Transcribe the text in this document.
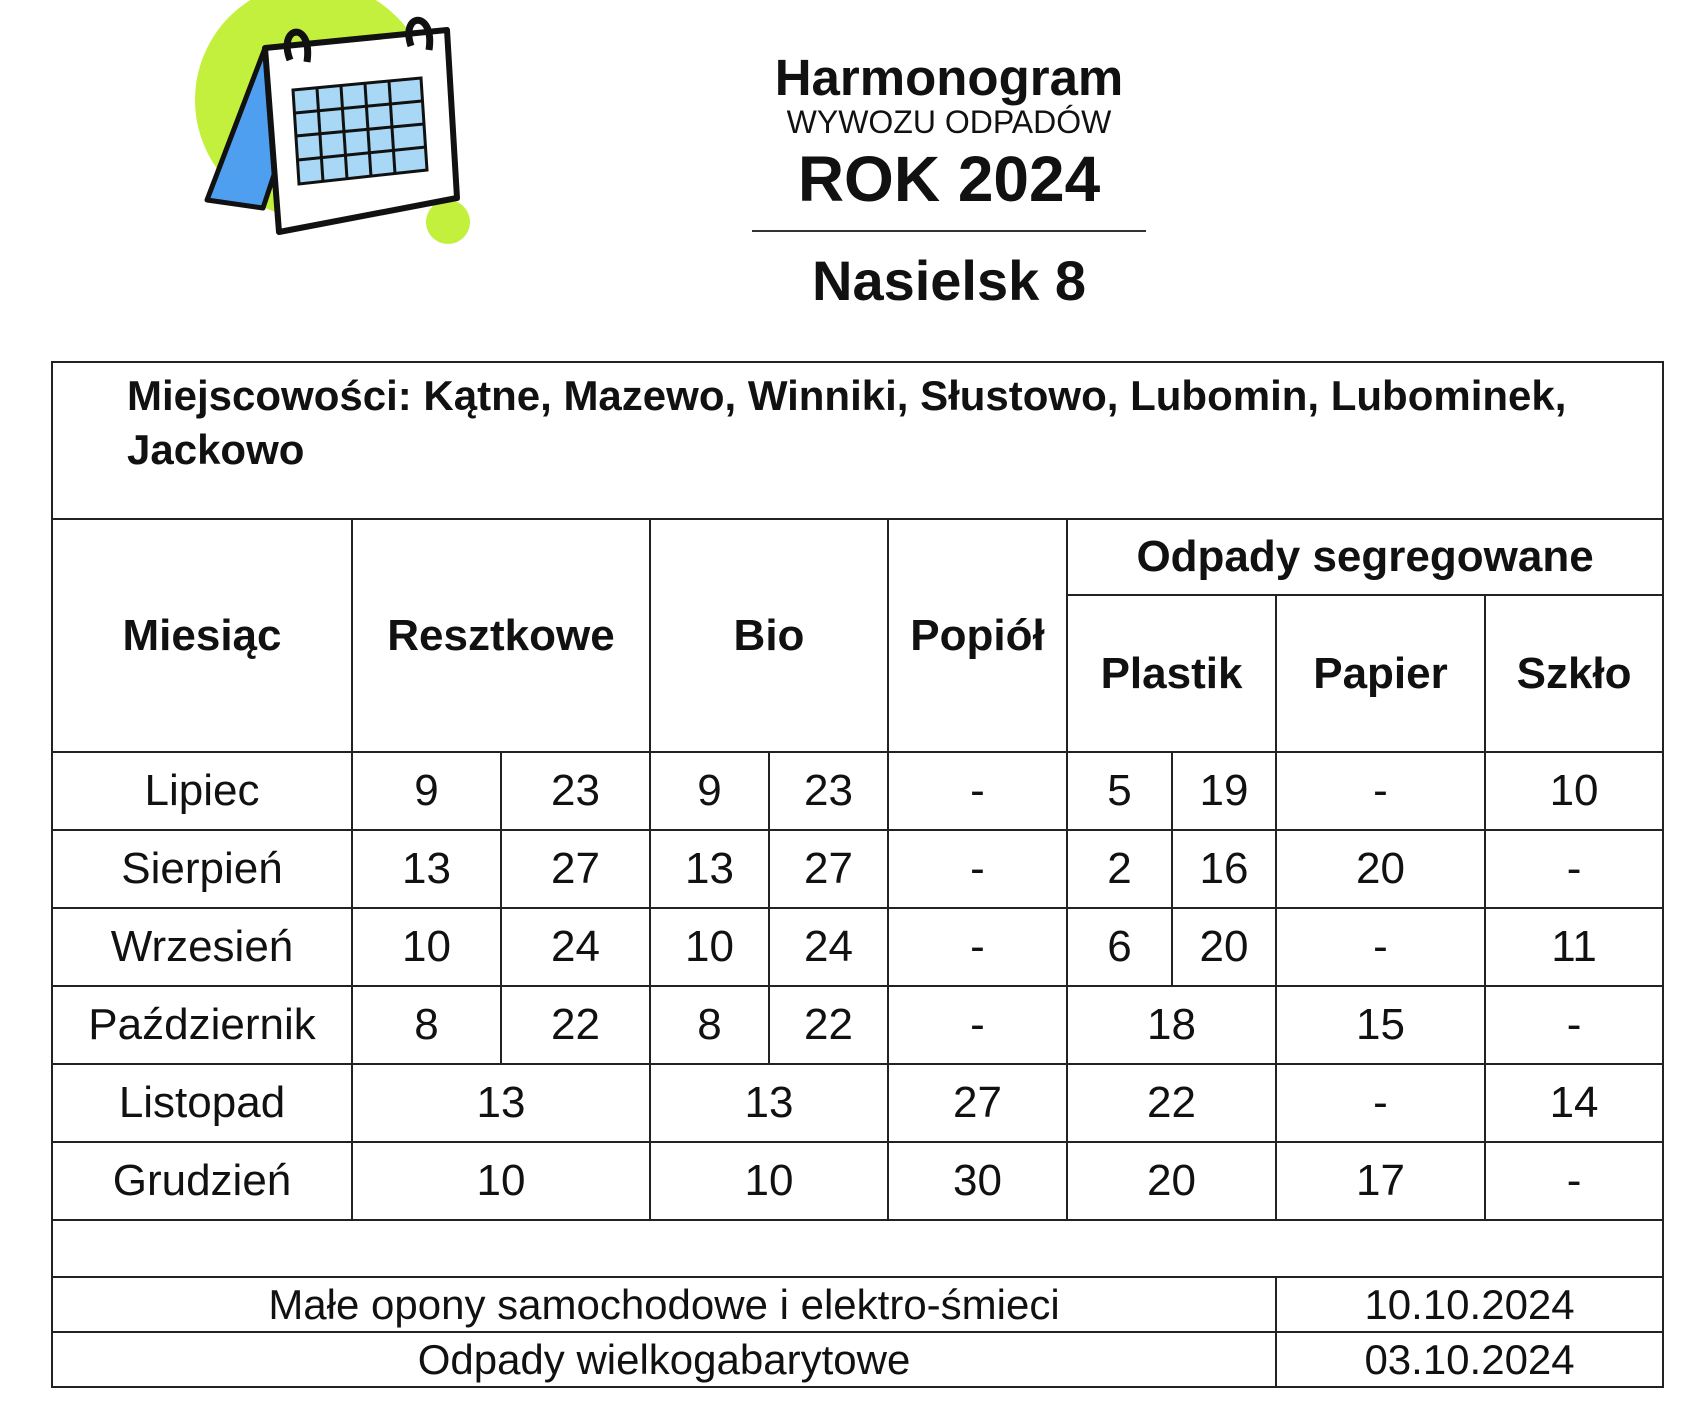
Harmonogram
WYWOZU ODPADÓW
ROK 2024
Nasielsk 8
Miejscowości: Kątne, Mazewo, Winniki, Słustowo, Lubomin, Lubominek, Jackowo									
Miesiąc	Resztkowe		Bio		Popiół	Odpady segregowane			
						Plastik		Papier	Szkło
Lipiec	9	23	9	23	-	5	19	-	10
Sierpień	13	27	13	27	-	2	16	20	-
Wrzesień	10	24	10	24	-	6	20	-	11
Październik	8	22	8	22	-	18		15	-
Listopad	13		13		27	22		-	14
Grudzień	10		10		30	20		17	-

Małe opony samochodowe i elektro-śmieci								10.10.2024	
Odpady wielkogabarytowe								03.10.2024	
